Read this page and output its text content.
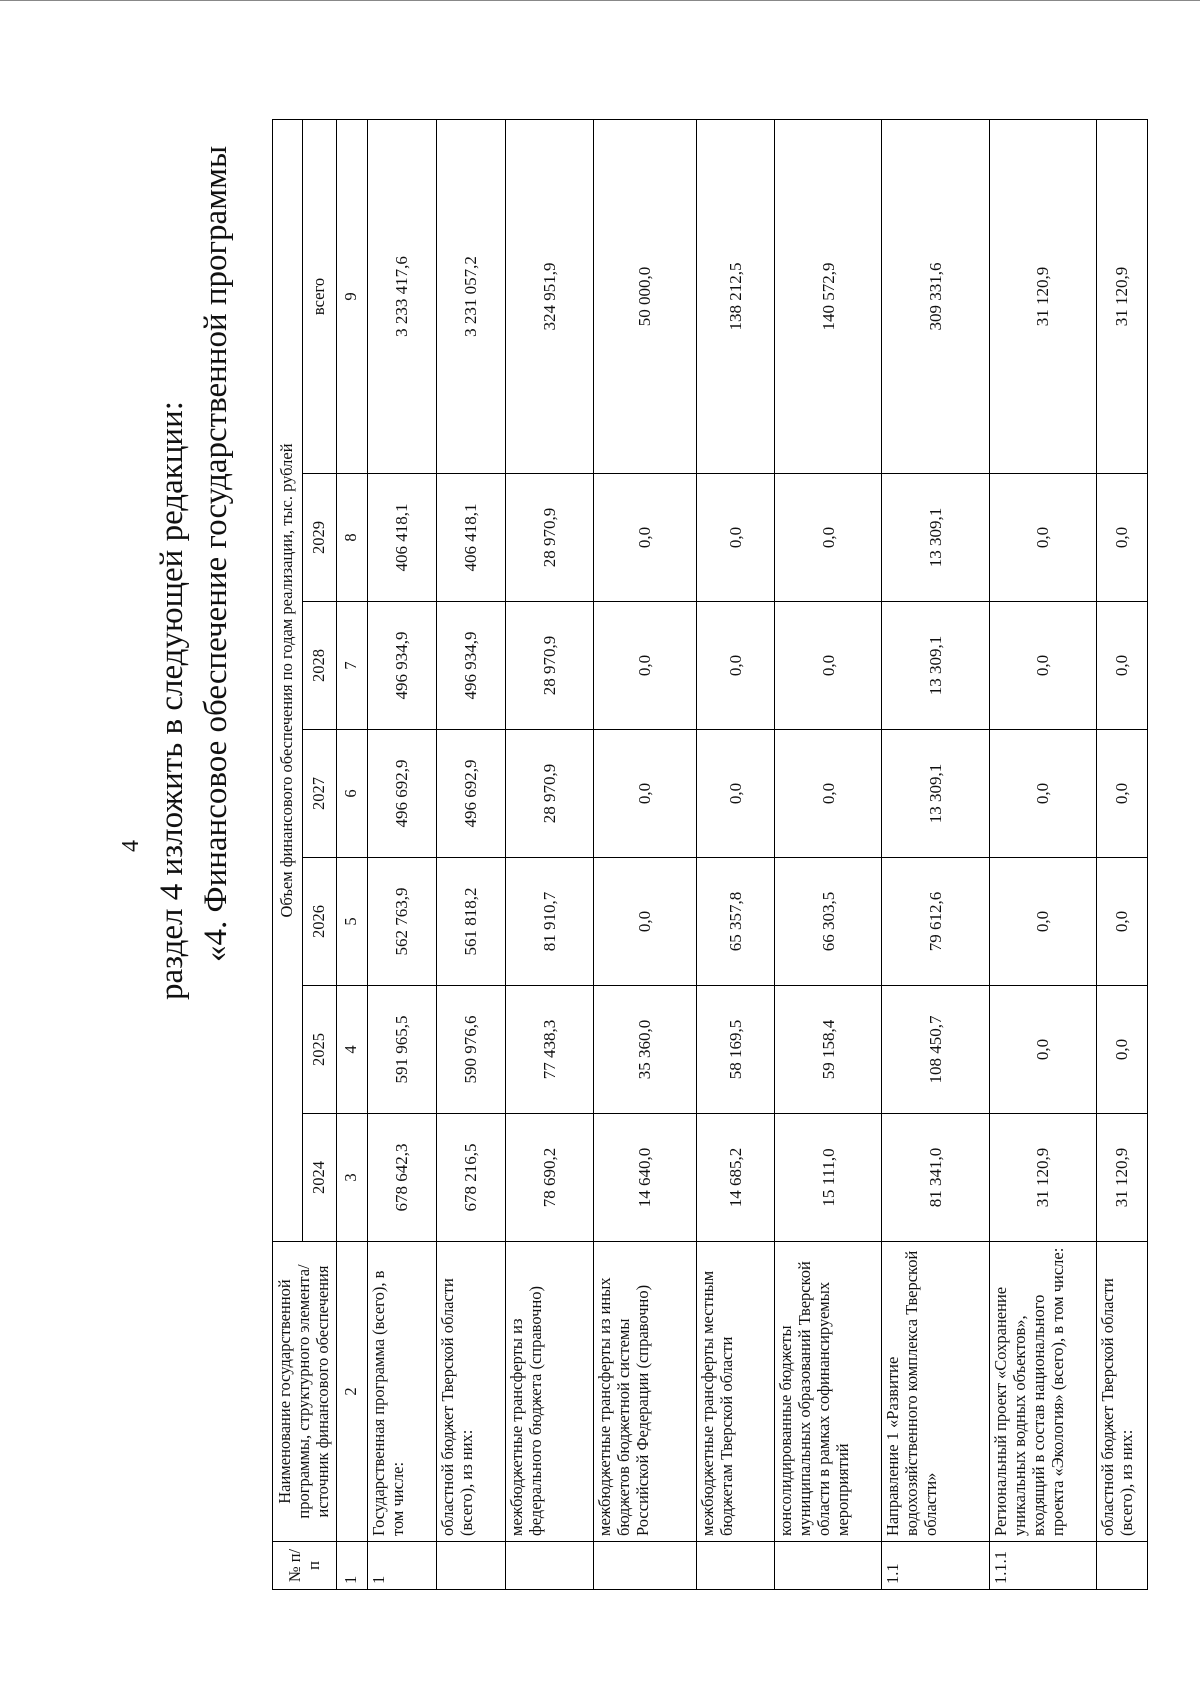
4 раздел 4 изложить в следующей редакции: «4. Финансовое обеспечение государственной программы
№ п/п	Наименование государственной программы, структурного элемента/источник финансового обеспечения	Объем финансового обеспечения по годам реализации, тыс. рублей						
		2024	2025	2026	2027	2028	2029	всего
1	2	3	4	5	6	7	8	9
1	Государственная программа (всего), в том числе:	678 642,3	591 965,5	562 763,9	496 692,9	496 934,9	406 418,1	3 233 417,6
	областной бюджет Тверской области (всего), из них:	678 216,5	590 976,6	561 818,2	496 692,9	496 934,9	406 418,1	3 231 057,2
	межбюджетные трансферты из федерального бюджета (справочно)	78 690,2	77 438,3	81 910,7	28 970,9	28 970,9	28 970,9	324 951,9
	межбюджетные трансферты из иных бюджетов бюджетной системы Российской Федерации (справочно)	14 640,0	35 360,0	0,0	0,0	0,0	0,0	50 000,0
	межбюджетные трансферты местным бюджетам Тверской области	14 685,2	58 169,5	65 357,8	0,0	0,0	0,0	138 212,5
	консолидированные бюджеты муниципальных образований Тверской области в рамках софинансируемых мероприятий	15 111,0	59 158,4	66 303,5	0,0	0,0	0,0	140 572,9
1.1	Направление 1 «Развитие водохозяйственного комплекса Тверской области»	81 341,0	108 450,7	79 612,6	13 309,1	13 309,1	13 309,1	309 331,6
1.1.1	Региональный проект «Сохранение уникальных водных объектов», входящий в состав национального проекта «Экология» (всего), в том числе:	31 120,9	0,0	0,0	0,0	0,0	0,0	31 120,9
	областной бюджет Тверской области (всего), из них:	31 120,9	0,0	0,0	0,0	0,0	0,0	31 120,9
